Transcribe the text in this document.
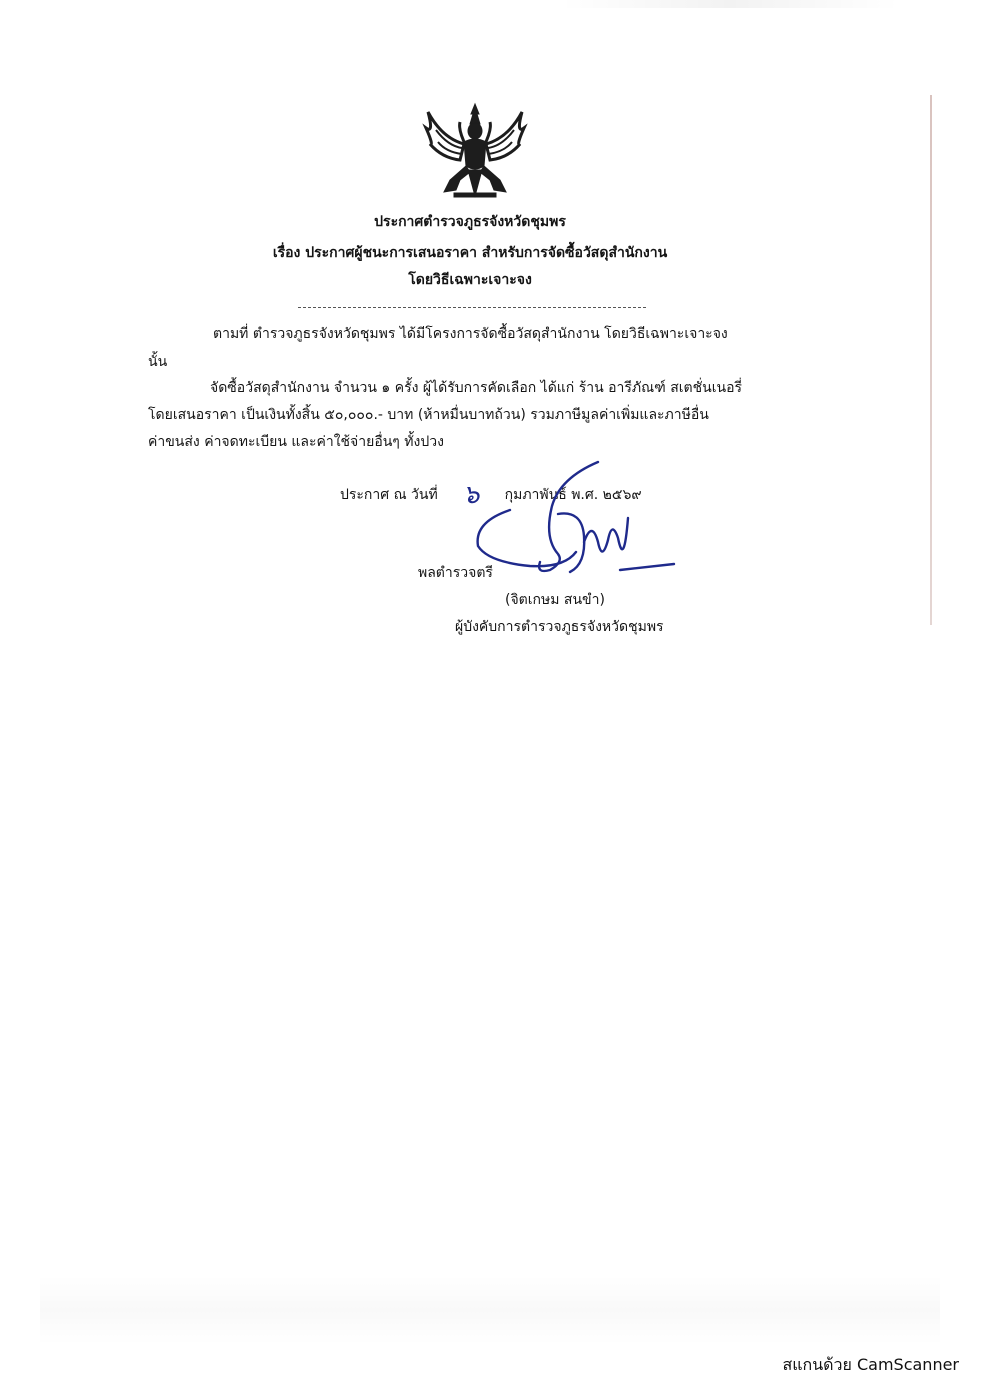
ประกาศตำรวจภูธรจังหวัดชุมพร
เรื่อง ประกาศผู้ชนะการเสนอราคา สำหรับการจัดซื้อวัสดุสำนักงาน
โดยวิธีเฉพาะเจาะจง
ตามที่ ตำรวจภูธรจังหวัดชุมพร ได้มีโครงการจัดซื้อวัสดุสำนักงาน โดยวิธีเฉพาะเจาะจง
นั้น
จัดซื้อวัสดุสำนักงาน จำนวน ๑ ครั้ง ผู้ได้รับการคัดเลือก ได้แก่ ร้าน อารีภัณฑ์ สเตชั่นเนอรี่
โดยเสนอราคา เป็นเงินทั้งสิ้น ๕๐,๐๐๐.- บาท (ห้าหมื่นบาทถ้วน) รวมภาษีมูลค่าเพิ่มและภาษีอื่น
ค่าขนส่ง ค่าจดทะเบียน และค่าใช้จ่ายอื่นๆ ทั้งปวง
ประกาศ ณ วันที่ ๖ กุมภาพันธ์ พ.ศ. ๒๕๖๙
พลตำรวจตรี
(จิตเกษม สนขำ)
ผู้บังคับการตำรวจภูธรจังหวัดชุมพร
สแกนด้วย CamScanner
